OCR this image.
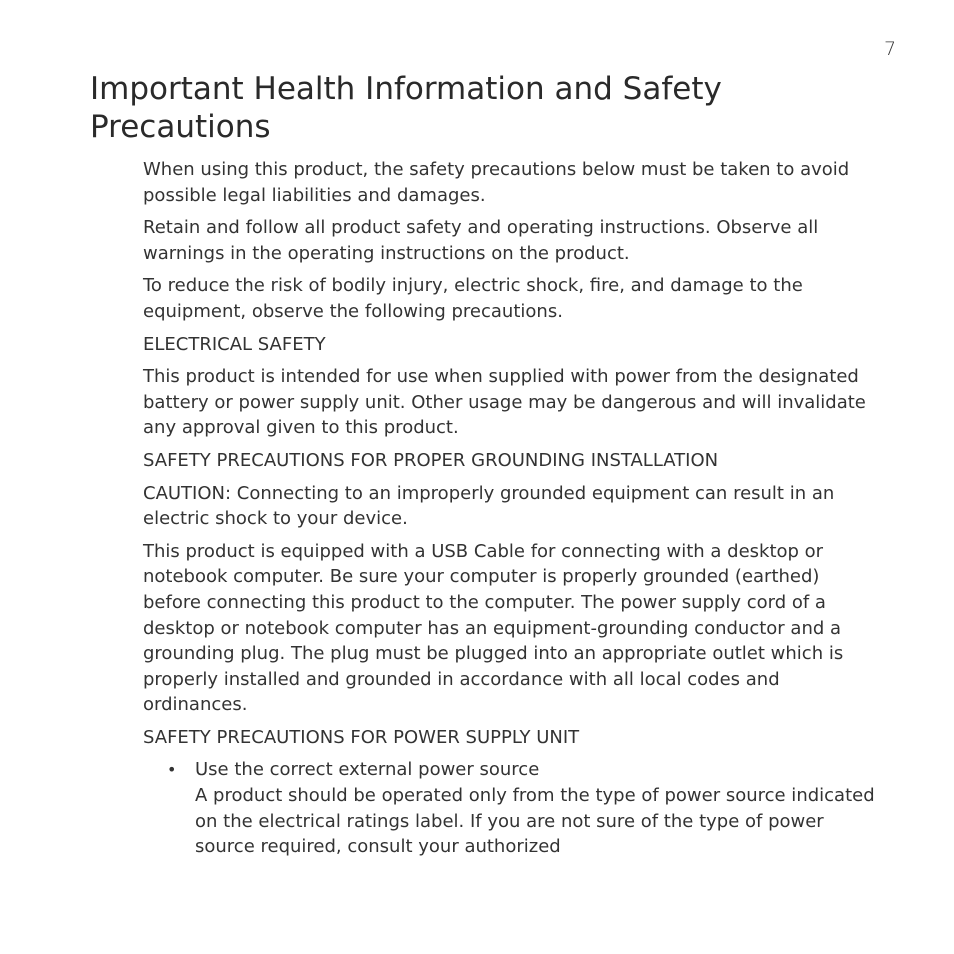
7
Important Health Information and Safety Precautions

When using this product, the safety precautions below must be taken to avoid possible legal liabilities and damages.

Retain and follow all product safety and operating instructions. Observe all warnings in the operating instructions on the product.

To reduce the risk of bodily injury, electric shock, fire, and damage to the equipment, observe the following precautions.

ELECTRICAL SAFETY

This product is intended for use when supplied with power from the designated battery or power supply unit. Other usage may be dangerous and will invalidate any approval given to this product.

SAFETY PRECAUTIONS FOR PROPER GROUNDING INSTALLATION

CAUTION: Connecting to an improperly grounded equipment can result in an electric shock to your device.

This product is equipped with a USB Cable for connecting with a desktop or notebook computer. Be sure your computer is properly grounded (earthed) before connecting this product to the computer. The power supply cord of a desktop or notebook computer has an equipment-grounding conductor and a grounding plug. The plug must be plugged into an appropriate outlet which is properly installed and grounded in accordance with all local codes and ordinances.

SAFETY PRECAUTIONS FOR POWER SUPPLY UNIT

• Use the correct external power source
A product should be operated only from the type of power source indicated on the electrical ratings label. If you are not sure of the type of power source required, consult your authorized
